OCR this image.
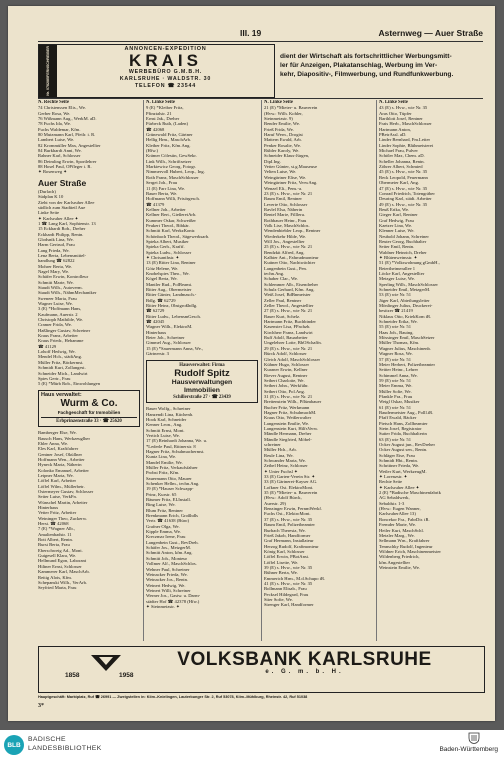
III. 19	Asternweg — Auer Straße
FERNSCHREIBER
Nr. 0782/85
ANNONCEN-EXPEDITION
KRAIS
WERBEBÜRO G.M.B.H.
KARLSRUHE · WALDSTR. 30
TELEFON ☎ 23544
dient der Wirtschaft als fortschrittlicher Werbungsmitt-
ler für Anzeigen, Plakatanschlag, Werbung im Ver-
kehr, Diapositiv-, Filmwerbung, und Rundfunkwerbung.
N. Rechte Seite
74 Christenssen Elis., We.
Gerber Rosa, We.
76 Wißmann Aug., WerkM. aD.
78 Fuchs Ida, We.
Fuchs Waldemar, Kfm.
80 Mutzmann Karl, Pfeilr. i. R.
Lambert Luise, We.
82 Krommüller Max, Angestellter
84 Burkhardt Anni, We.
Rahner Karl, Schlosser
86 Deimling Erwin, Sportlehrer
88 Hosel Paul, OPfleger i. R.
✦ Rosenweg ✦
Auer Straße
(Durlach)
Südplan K 10
Zieht von der Karlsruher Allee
südlich zum Stadtteil Aue
Linke Seite
✦ Karlsruher Allee ✦
1 ☎ Lang Karl, Sophienstr. 13
15 Eckhardt Rob., Dreher
Eckhardt Philipp, Rentn.
Glodsnik Lina, We.
Harm Gertrud, Frau
Lang Frieda, We.
Lenz Berta, Lebensmittel-
handlung ☎ 62822
Mohrer Berta, We.
Nagel Mary, We.
Schäfer Erwin, Kontrolleur
Schmitt Marie, We.
Staudt Wilh., Autoverm.
Staudt Wilh., NähmMechaniker
Sweneer Maria, Frau
Wagner Luise, We.
3 (E) *Hoffmann Hans,
Kaufmann, Auerstr. 2
Christoph Mathilde, We.
Cramer Frida, We.
Haßlinger Gustav, Schreiner
Kraus Franz, Arbeiter
Kraus Friedr., Hebamme
☎ 41129
Lohoff Hedwig, We.
Mendel Hch., städtAng.
Müller Fritz, Bäckermst.
Schmidt Kurt, Zollangest.
Schneider Mich., Landwirt
Spies Gertr., Frau
5 (E) *Mürb Rob., Einwohlungen
Haus verwaltet:
Wurm & Co.
Fachgeschäft für Immobilien
Erbprinzenstraße 33 · ☎ 25620
Bamberger Else, We.
Bausch Hans, Werkzeuglher
Ebler Anna, We.
Eles Karl, Kraftfahrer
Gentner Josef, Oküllner
Hoffmann Wen., Arbeiter
Hyneck Maria, Näherin
Kolonko Emanuel, Arbeiter
Leipner Marta, We.
Löffel Karl, Arbeiter
Löffel Wilm., Müllerbetr.
Ostermeyer Gustav, Schlosser
Seiter Luise, VerkFn.
Wünschel Martin, Arbeiter
Hinterhaus
Vetter Fritz, Arbeiter
Weininger Theo, Zuckerw.
Herst. ☎ 42068
7 (E) *Wagner Alb.,
Amalienbadstr. 11
Bott Albert, Rentn.
Burst Berta, Frau
Eberschweig Ad., Mont.
Gutgesell Klara, We.
Hellmund Egon, Laborant
Hiltner Ernst, Schlosser
Kammerer Karl, MaschArb.
Reitig Alois, Kfm.
Schepanski Wilh., VerArb.
Seyfried Marta, Frau
N. Linke Seite
9 (E) *Kleiber Fritz,
Pfinztalstr. 21
Ernst Jak., Dreher
Fürbeck Ruth, (Laden)
☎ 42068
Grünewald Fritz, Gärtner
Hellig Hrm., MaschArb.
Kleiber Fritz, Kfm.Ang.
(Hfw.)
Krämer Cölestin, GewSekr.
Link Wilh., Schriftsetzer
Markiewicz Georg, Fotogr.
Nimmervoll Hubert, Leop., Ing.
Roth Franz, MaschSchlosser
Sergei Joh., Frau
11 (E) Farr Lina, We.
Bauer Berta, We.
Hoffmann Willi, Frisörgesch.
☎ 41379
Kellner Joh., Arbeiter
Kellner Bert., GießereiArb.
Kummer Oskar, Schweißer
Peukert Theod., Bibkär.
Schmitt Karl, WerkzKontr.
Schönbach Theod., Sägewerksarb.
Spieka Albert, Musiker
Spieka Gerh., Kraftf.
Spieka Ludw., Schlosser
✦ Chrisanthstr. ✦
13 (E) Ritter Lina, Rentner
Götz Helene, We.
Knobelspies Theo., We.
Kögel Berta, We.
Mantler Rud., PolBeamt.
Ritter Aug., Obermeister
Ritter Günter, Landmasch.-
Bdlg. ☎ 62729
Ritter Heinz, Obstgroßhdlg.
☎ 62729
Ritter Ludw., LebensmGesch.
☎ 42045
Wagner Wilh., ElektroM.
Hinterhaus
Beier Joh., Schreiner
Gimmel Aug., Schlosser
15 (E) *Sauermann Anna, We.,
Gärtnerstr. 3
Hausverwaltet: Firma
Rudolf Spitz
Hausverwaltungen
Immobilien
Schillerstraße 27 · ☎ 23439
Bauer Wolfg., Schreiner
Hanzendi Lina, Küchenh.
Hook Karl, Schneider
Kenner Leon., Ang.
Schmitt Ernst, Mont.
Vertich Luise, We.
17 (E) Reinhardt Johanna, We. u.
*Lederle Paul, Rittnerstr. 8
Hagner Fritz, Schuhmachermst.
Kuntz Lina, We.
Mandel Emilie, We.
Müller Fritz, Verkaufsfahrer
Probst Fritz, Kfm.
Sauermann Otto, Maurer
Schenker Hellm., techn.Ang.
19 (E) *Hauser Schwapp-
Prinz, Kurstr. 65
Bäumer Fritz, ELInstall.
Bing Luise, We.
Blum Fritz, Rentner
Brenkmann Erich, Großhdls
Vertr. ☎ 41638 (Büro)
Grafner Olga, We.
Kipple Emma, We.
Kreczmar Irene, Frau
Langenbein Gust., RevDreh.
Schäfer Jos., MetzgerM.
Schmitt Anton, kfm.Ang.
Schmitt Joh., Monteur
Vollmer Alf., MaschSchlos.
Wehner Paul, Schreiner
Weinacker Frieda, We.
Weinacker Jos., Rentn.
Weinert Hedwig, We.
Weinert Willi, Schreiner
Werner Jos., Gastw. u. Darm-
städter Hof ☎ 42378 (Hfw.)
✦ Steinmetzstr. ✦
N. Linke Seite
21 (E) *Mieter- u. Bauverein
(Hvw.: Wilh. Kohler,
Steinmetzstr. 9)
Bender Emilie, We.
Frieß Frida, We.
Haruf Wern., Drogist
Mattern Ewald, Arb.
Penker Rosalie, We.
Rübler Karoly, We.
Schneider Klaus-Jürgen,
DipI.Ing.
Vetter Günter, st.g.Mauseuse
Velten Luise, We.
Weingärtner Elise, We.
Weingärtner Fritz, VerwAng.
Wenzel Eli., Pens.-a.
23 (E) s. Hvw., wie Nr. 21
Baum Emil, Rentner
Leverte Otto, Schlosser
Ravlel Elsa, Näherin
Rentel Marie, Fillleru.
Rothbauer Heinr., Frau
Volk Lise, MaschSchlos.
Wendenbiebler Leop., Rentner
Wiederkehr Hilde, We.
Will Jos., Angestellter
25 (E) s. Hvw., wie Nr. 21
Bendzkit Alfred, Ang.
Kalbier Ant., Fahrradmonteur
Kuttner Otto, Nachtwächter
Langenbein Gust., Pen.
techn.Ang.
Schaber Clar., We.
Schlemmer Alb., Eisendreher
Schulz Gerhard, Kfm. Ang.
Weiß Josef, BdBnmeister
Zeller Paul, Rentner
Zeller Theod., Angestellter
27 (E) s. Hvw., wie Nr. 21
Bauer Kurt, Schelz.
Hartmann Fritz, Buchbinder
Kasenster Lisa, FPachzb.
Kirchherr Franz, Landwirt
Ruff Adolf, Bauarbeiter
Ungelehrer Lotte, BbOSchaffn.
29 (E) s. Hvw., wie Nr. 21
Bürck Adolf, Schlosser
Gleich Adolf, MaschSchlosser
Kühner Hugo, Schlosser
Kuraner Erwin, Kellner
Riever August, Rentner
Seibert Charlotte, We.
Seibert John., Werkführ.
Seibert Otto, Pol.Ang.
31 (E) s. Hvw., wie Nr. 21
Breitenstein Wilh., Pflümbauer
Bucher Fritz, Werkmann
Hagner Fritz, SchuhmachM.
Kraus Otto, Weißerwalter
Langenstein Emilie, We.
Langenstein Kurt, HilfsVerw.
Mändle Hermann, Dreher
Mändle Siegfried, Möbel-
schreiner
Müller Hch., Arb.
Reule Lina, We.
Schwander Maria, We.
Zeibel Heinz, Schlosser
✦ Unter Fuchsl ✦
33 (E) Garten-Verein Str. ✦
33 (E) Gärtnerei-Kayser AG.
Lofkner Ost. ElektroMont.
35 (E) *Mieter- u. Bauverein
(Hvw.: Adolf Bürck,
Auerstr. 29)
Benzinger Erwin, FernmWerkf.
Fuchs Ost., ElektroMont.
37 (E) s. Hvw., wie Nr. 35
Baum Emil, Polizeibeamter
Burbach Theresia, We.
Frieß Jakob, Handformer
Graf Hermann, Installateur
Herzog Rudolf, Kraftmonteur
König Karl, Schlosser
Löffel Erwin, PBotAnst.
Löffel Lisette, We.
39 (E) s. Hvw., wie Nr. 35
Bühner Berta, We.
Emmerich Hrm., M.d.Schupo iR.
41 (E) s. Hvw., wie Nr. 35
Bollmann Elisab., Frau
Pecksel Hildegard, Frau
Stier Sofie, We.
Strenger Karl, Handformer
N. Linke Seite
43 (E) s. Hvw., wie Nr. 35
Aras Otto, Tüpfer
Barthlott Josef, Rentner
Frais Herb., MaschSchlosser
Hartmann Anton,
PBetrAssl. aD.
Linder Bernhard, Fm.Leiter
Linder Sophie, Blühmeisterei
Michael Frau, Pulver
Schöler Max, Chem. aD.
Scheller Johanna, Rentn.
Zöhrer Albert, Schmied
45 (E) s. Hvw., wie Nr. 35
Beck Leopold, Feuermann
Obermeier Karl, Ang.
47 (E) s. Hvw., wie Nr. 35
Conrad Friedrich, Totengräber
Deuring Karl, städt. Arbeiter
49 (E) s. Hvw., wie Nr. 35
Beuß Erika, We.
Gieger Karl, Rentner
Graf Hedwig, Frau
Kaetzer Lina, We.
Klenner Luise, We.
Neubold Johann, Schreiner
Reuter Georg, Buchhalter
Seiter Emil, Rentn.
Waldner Heinrich, Dreher
✦ Blütenweinsstr. ✦
51 (E) *Volkswohnung gGmbH.,
Beiertheimerallee 1
Löcke Karl, Angestellter
Metzger Luise, We.
Sperling Wilh., MaschSchlosser
Schneider Emil, MetzgerM.
53 (E) wie Nr. 51
Jäger Karl, Abteilungsleiter
Mönlinger Julius, Druckerei-
besitzer ☎ 21419
Niklaus Otto, KriekKom iR.
Schneider Erika, We.
55 (E) wie Nr. 51
Haas Joh., Bauing.
Mössinger Emil, MaschSetzer
Müller Thomas, Kfm.
Wagner Julius, Maschinenb.
Wagner Rosa, We.
57 (E) wie Nr. 51
Meier Herbert, Polizeibeamter
Seitter Heinr., Lehrer
Schimmel Anna, We.
59 (E) wie Nr. 51
Meier Emma, We.
Müller Sofie, We.
Pfankle Fra., Frau
Weigl Oskar, Musiker
61 (E) wie Nr. 51
Baudermeister Aug., Polll.iR.
Pfaff Ewald, Bäcker
Pietsch Hans, Zollbeamter
Stein Josef, Registrator
Sutter Frida, Buchhalterin
63 (E) wie Nr. 51
Ocker August jun., RevDreher
Ocker August sen., Rentn.
Schläger Eise, Frau
Schmidt Hbt., Rentn.
Schrittner Frieda, We.
Weiler Kurt, WerkzeugM.
✦ Lorenzstr. ✦
Rechte Seite
✦ Karlsruher Allee ✦
2 (E) *Badische Maschinenfabrik
AG Sebaldwerk,
Sebaldstr. 1-3
(Hvw.: Eugen Wanner,
KarlsruherAllee 13)
Boncekor Fra., FabrDir. iR.
Fremder Marie, We.
Heiler Kurt, MaschSchl.
Metzler Marg., We.
Sellmann Wrn., Kraftfahrer
Tennschky Rudolf, Ingenieur
Wildner Erich, Maschinenmeister
Wildenberg Friedrich,
kfm.Angestellter
Weinstein Emilie, We.
1858	1958
VOLKSBANK KARLSRUHE
e. G. m. b. H.
Hauptgeschäft: Marktplatz, Ruf ☎ 26991 — Zweigstellen in: Kiim.-Knielingen, Lauterbunger Str. 2, Ruf 53078, Kiim.-Mühlburg, Rheinstr. 42, Ruf 51038
3*
BLB
BADISCHE
LANDESBIBLIOTHEK	Baden-Württemberg
